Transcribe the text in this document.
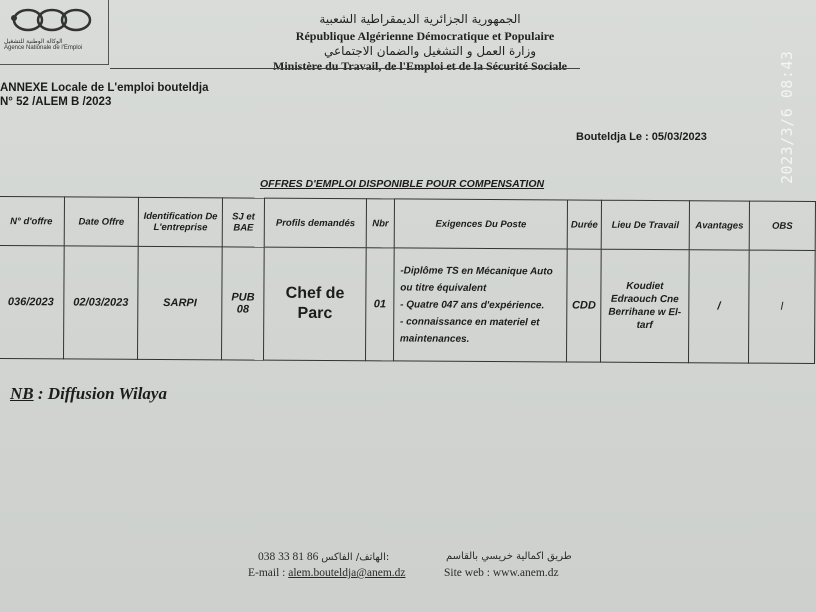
الوكالة الوطنية للتشغيل
Agence Nationale de l'Emploi
الجمهورية الجزائرية الديمقراطية الشعبية
République Algérienne Démocratique et Populaire
وزارة العمل و التشغيل والضمان الاجتماعي
Ministère du Travail, de l'Emploi et de la Sécurité Sociale
ANNEXE Locale de L'emploi bouteldja
N° 52 /ALEM B /2023
Bouteldja Le : 05/03/2023
OFFRES D'EMPLOI DISPONIBLE POUR COMPENSATION
N° d'offre	Date Offre	Identification De L'entreprise	SJ et BAE	Profils demandés	Nbr	Exigences Du Poste	Durée	Lieu De Travail	Avantages	OBS
036/2023	02/03/2023	SARPI	PUB 08	Chef de Parc	01	-Diplôme TS en Mécanique Auto ou titre équivalent
- Quatre 047 ans d'expérience.
- connaissance en materiel et maintenances.	CDD	Koudiet Edraouch Cne Berrihane w El-tarf	/	l
NB : Diffusion Wilaya
038 33 81 86 الهاتف/ الفاكس:	طريق اكمالية خريسي بالقاسم
E-mail : alem.bouteldja@anem.dz	Site web : www.anem.dz
2023/3/6 08:43
